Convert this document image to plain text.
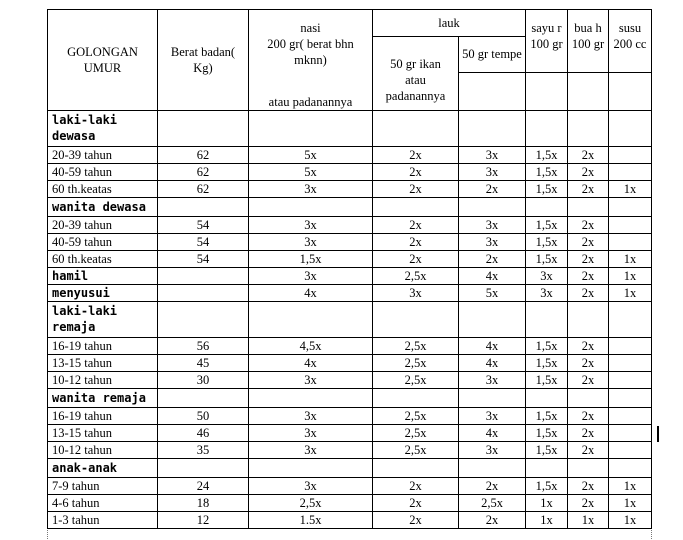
GOLONGAN UMUR	Berat badan( Kg)	nasi	lauk		sayu r	bua h	susu
		200 gr( berat bhn mknn)	50 gr ikan	50 gr tempe	100 gr	100 gr	200 cc
		atau padanannya	atau padanannya				
laki-laki dewasa							
20-39 tahun	62	5x	2x	3x	1,5x	2x	
40-59 tahun	62	5x	2x	3x	1,5x	2x	
60 th.keatas	62	3x	2x	2x	1,5x	2x	1x
wanita dewasa							
20-39 tahun	54	3x	2x	3x	1,5x	2x	
40-59 tahun	54	3x	2x	3x	1,5x	2x	
60 th.keatas	54	1,5x	2x	2x	1,5x	2x	1x
hamil		3x	2,5x	4x	3x	2x	1x
menyusui		4x	3x	5x	3x	2x	1x
laki-laki remaja							
16-19 tahun	56	4,5x	2,5x	4x	1,5x	2x	
13-15 tahun	45	4x	2,5x	4x	1,5x	2x	
10-12 tahun	30	3x	2,5x	3x	1,5x	2x	
wanita remaja							
16-19 tahun	50	3x	2,5x	3x	1,5x	2x	
13-15 tahun	46	3x	2,5x	4x	1,5x	2x	
10-12 tahun	35	3x	2,5x	3x	1,5x	2x	
anak-anak							
7-9 tahun	24	3x	2x	2x	1,5x	2x	1x
4-6 tahun	18	2,5x	2x	2,5x	1x	2x	1x
1-3 tahun	12	1.5x	2x	2x	1x	1x	1x
